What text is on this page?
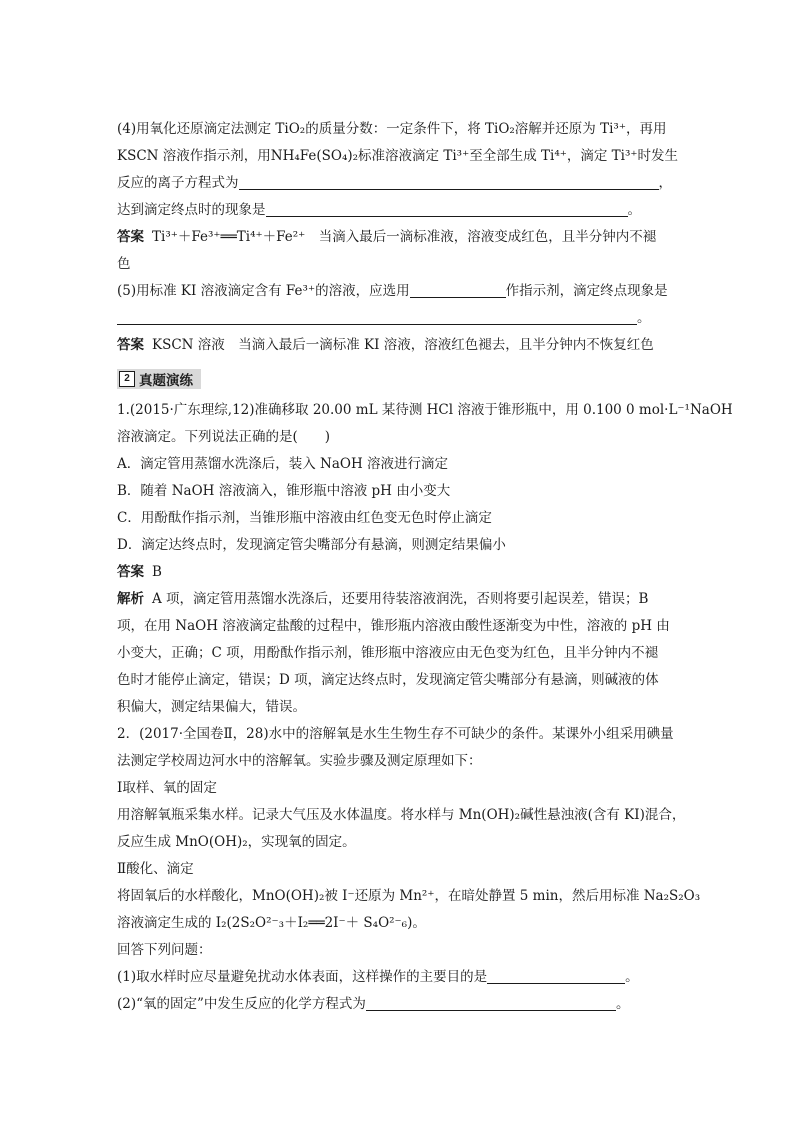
(4)用氧化还原滴定法测定 TiO₂的质量分数：一定条件下，将 TiO₂溶解并还原为 Ti³⁺，再用
KSCN 溶液作指示剂，用NH₄Fe(SO₄)₂标准溶液滴定 Ti³⁺至全部生成 Ti⁴⁺，滴定 Ti³⁺时发生
反应的离子方程式为	，
达到滴定终点时的现象是	。
答案 Ti³⁺＋Fe³⁺══Ti⁴⁺＋Fe²⁺　当滴入最后一滴标准液，溶液变成红色，且半分钟内不褪
色
(5)用标准 KI 溶液滴定含有 Fe³⁺的溶液，应选用	作指示剂，滴定终点现象是
。
答案 KSCN 溶液　当滴入最后一滴标准 KI 溶液，溶液红色褪去，且半分钟内不恢复红色
2 真题演练
1.(2015·广东理综,12)准确移取 20.00 mL 某待测 HCl 溶液于锥形瓶中，用 0.100 0 mol·L⁻¹NaOH
溶液滴定。下列说法正确的是(　　)
A．滴定管用蒸馏水洗涤后，装入 NaOH 溶液进行滴定
B．随着 NaOH 溶液滴入，锥形瓶中溶液 pH 由小变大
C．用酚酞作指示剂，当锥形瓶中溶液由红色变无色时停止滴定
D．滴定达终点时，发现滴定管尖嘴部分有悬滴，则测定结果偏小
答案 B
解析 A 项，滴定管用蒸馏水洗涤后，还要用待装溶液润洗，否则将要引起误差，错误；B
项，在用 NaOH 溶液滴定盐酸的过程中，锥形瓶内溶液由酸性逐渐变为中性，溶液的 pH 由
小变大，正确；C 项，用酚酞作指示剂，锥形瓶中溶液应由无色变为红色，且半分钟内不褪
色时才能停止滴定，错误；D 项，滴定达终点时，发现滴定管尖嘴部分有悬滴，则碱液的体
积偏大，测定结果偏大，错误。
2．(2017·全国卷Ⅱ，28)水中的溶解氧是水生生物生存不可缺少的条件。某课外小组采用碘量
法测定学校周边河水中的溶解氧。实验步骤及测定原理如下：
Ⅰ取样、氧的固定
用溶解氧瓶采集水样。记录大气压及水体温度。将水样与 Mn(OH)₂碱性悬浊液(含有 KI)混合，
反应生成 MnO(OH)₂，实现氧的固定。
Ⅱ酸化、滴定
将固氧后的水样酸化，MnO(OH)₂被 I⁻还原为 Mn²⁺，在暗处静置 5 min，然后用标准 Na₂S₂O₃
溶液滴定生成的 I₂(2S₂O²⁻₃＋I₂══2I⁻＋ S₄O²⁻₆)。
回答下列问题：
(1)取水样时应尽量避免扰动水体表面，这样操作的主要目的是	。
(2)“氧的固定”中发生反应的化学方程式为	。
